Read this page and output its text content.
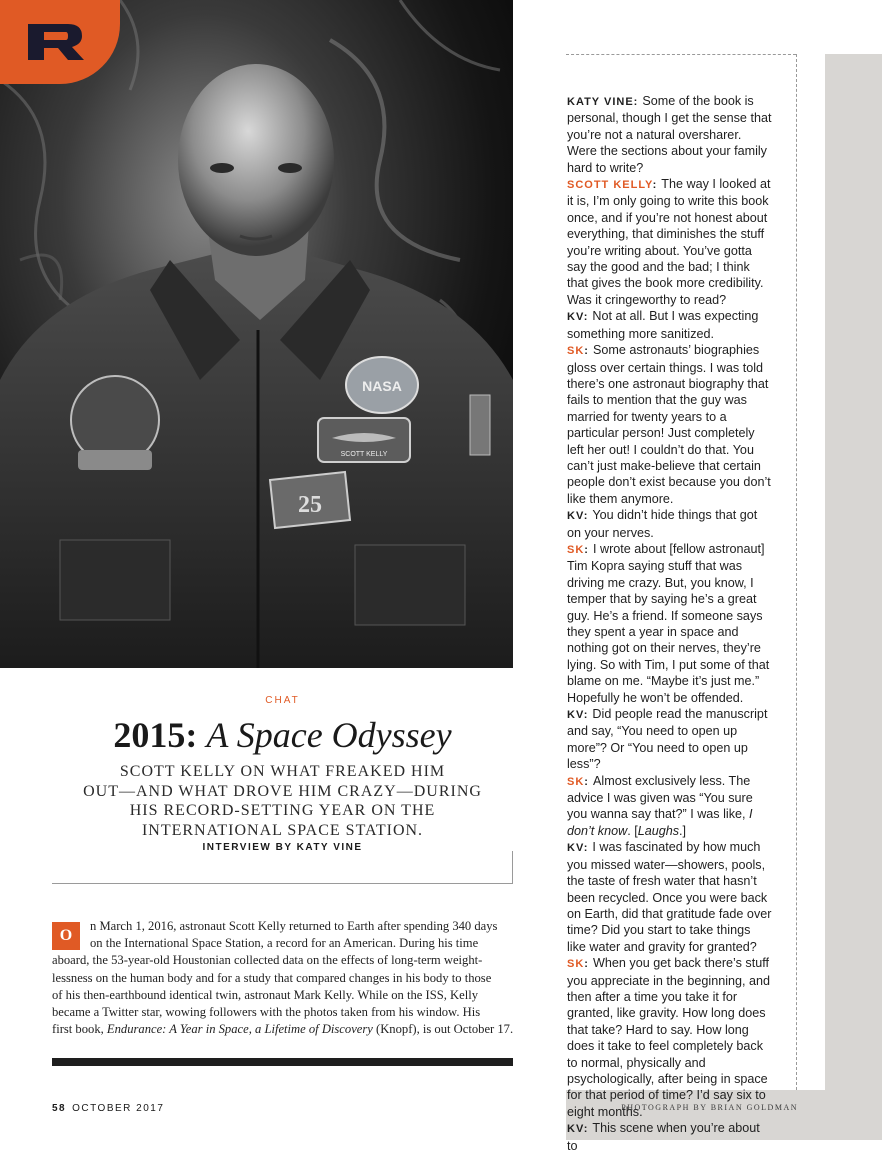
NASA
SCOTT KELLY
25
PHOTOGRAPH BY BRIAN GOLDMAN

KATY VINE: Some of the book is personal, though I get the sense that you’re not a natural oversharer. Were the sections about your family hard to write?

SCOTT KELLY: The way I looked at it is, I’m only going to write this book once, and if you’re not honest about everything, that diminishes the stuff you’re writing about. You’ve gotta say the good and the bad; I think that gives the book more credibility. Was it cringeworthy to read?

KV: Not at all. But I was expecting something more sanitized.

SK: Some astronauts’ biographies gloss over certain things. I was told there’s one astronaut biography that fails to mention that the guy was married for twenty years to a particular person! Just completely left her out! I couldn’t do that. You can’t just make-believe that certain people don’t exist because you don’t like them anymore.

KV: You didn’t hide things that got on your nerves.

SK: I wrote about [fellow astronaut] Tim Kopra saying stuff that was driving me crazy. But, you know, I temper that by saying he’s a great guy. He’s a friend. If someone says they spent a year in space and nothing got on their nerves, they’re lying. So with Tim, I put some of that blame on me. “Maybe it’s just me.” Hopefully he won’t be offended.

KV: Did people read the manuscript and say, “You need to open up more”? Or “You need to open up less”?

SK: Almost exclusively less. The advice I was given was “You sure you wanna say that?” I was like, I don’t know. [Laughs.]

KV: I was fascinated by how much you missed water—showers, pools, the taste of fresh water that hasn’t been recycled. Once you were back on Earth, did that gratitude fade over time? Did you start to take things like water and gravity for granted?

SK: When you get back there’s stuff you appreciate in the beginning, and then after a time you take it for granted, like gravity. How long does that take? Hard to say. How long does it take to feel completely back to normal, physically and psychologically, after being in space for that period of time? I’d say six to eight months.

KV: This scene when you’re about to

CHAT
2015: A Space Odyssey
SCOTT KELLY ON WHAT FREAKED HIM
OUT—AND WHAT DROVE HIM CRAZY—DURING
HIS RECORD-SETTING YEAR ON THE
INTERNATIONAL SPACE STATION.
INTERVIEW BY KATY VINE
O
n March 1, 2016, astronaut Scott Kelly returned to Earth after spending 340 days
on the International Space Station, a record for an American. During his time
aboard, the 53-year-old Houstonian collected data on the effects of long-term weight-
lessness on the human body and for a study that compared changes in his body to those
of his then-earthbound identical twin, astronaut Mark Kelly. While on the ISS, Kelly
became a Twitter star, wowing followers with the photos taken from his window. His
first book, Endurance: A Year in Space, a Lifetime of Discovery (Knopf), is out October 17.
58 OCTOBER 2017
